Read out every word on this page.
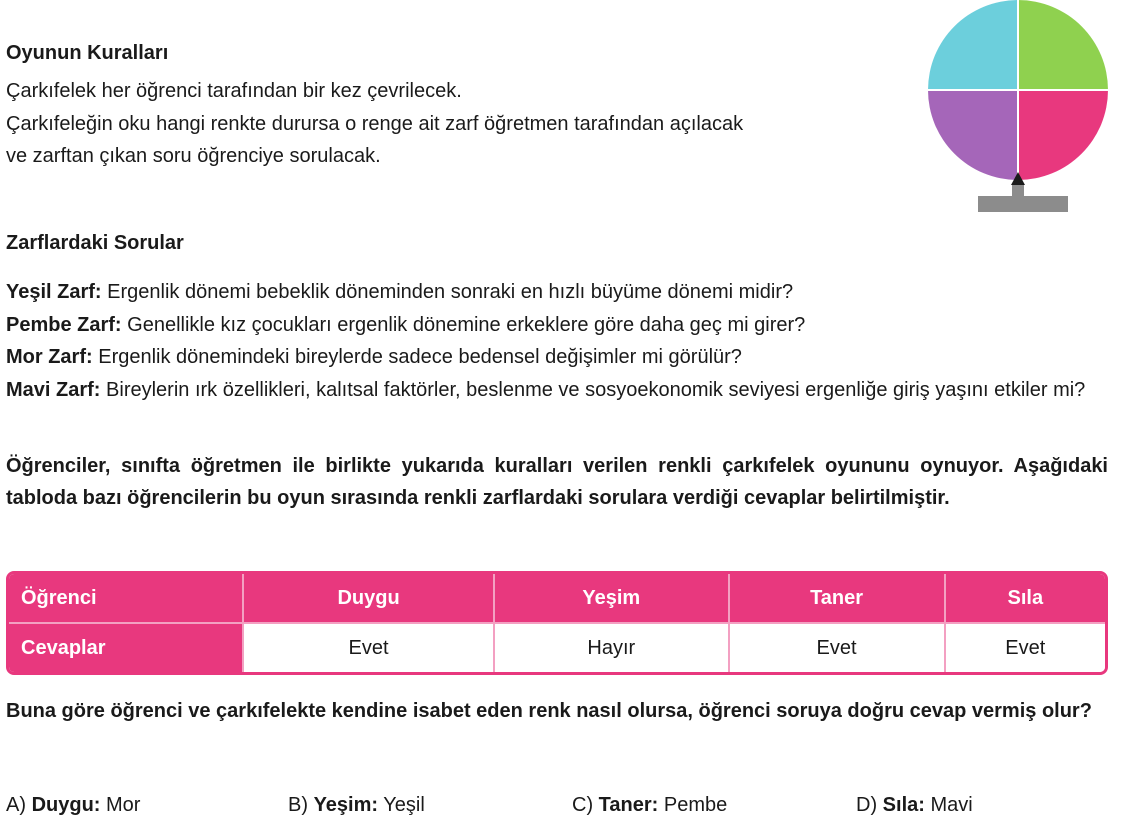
Oyunun Kuralları
Çarkıfelek her öğrenci tarafından bir kez çevrilecek.
Çarkıfeleğin oku hangi renkte durursa o renge ait zarf öğretmen tarafından açılacak
ve zarftan çıkan soru öğrenciye sorulacak.
Zarflardaki Sorular
Yeşil Zarf: Ergenlik dönemi bebeklik döneminden sonraki en hızlı büyüme dönemi midir?
Pembe Zarf: Genellikle kız çocukları ergenlik dönemine erkeklere göre daha geç mi girer?
Mor Zarf: Ergenlik dönemindeki bireylerde sadece bedensel değişimler mi görülür?
Mavi Zarf: Bireylerin ırk özellikleri, kalıtsal faktörler, beslenme ve sosyoekonomik seviyesi ergenliğe giriş yaşını etkiler mi?
Öğrenciler, sınıfta öğretmen ile birlikte yukarıda kuralları verilen renkli çarkıfelek oyununu oynuyor. Aşağıdaki tabloda bazı öğrencilerin bu oyun sırasında renkli zarflardaki sorulara verdiği cevaplar belirtilmiştir.
Öğrenci	Duygu	Yeşim	Taner	Sıla
Cevaplar	Evet	Hayır	Evet	Evet
Buna göre öğrenci ve çarkıfelekte kendine isabet eden renk nasıl olursa, öğrenci soruya doğru cevap vermiş olur?
A) Duygu: Mor	B) Yeşim: Yeşil	C) Taner: Pembe	D) Sıla: Mavi
